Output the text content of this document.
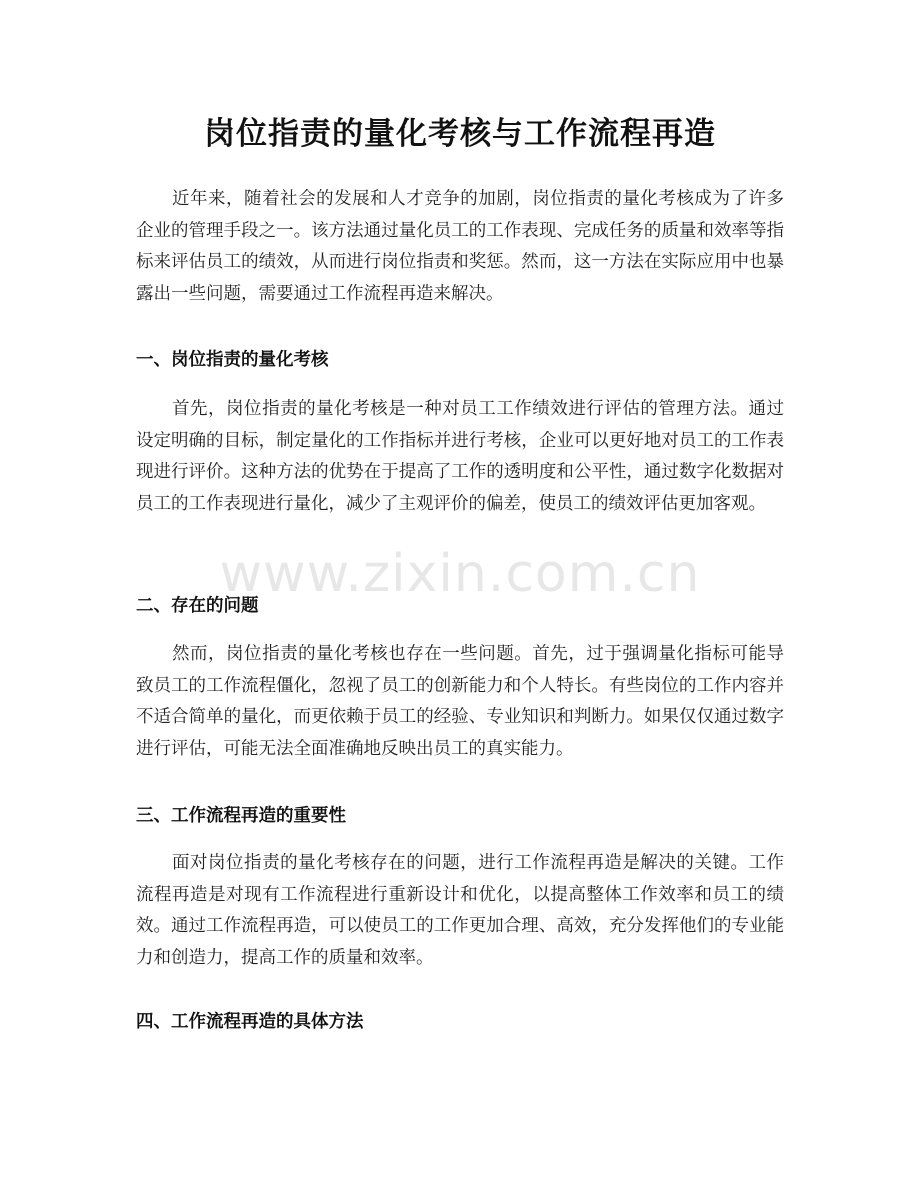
岗位指责的量化考核与工作流程再造

近年来，随着社会的发展和人才竞争的加剧，岗位指责的量化考核成为了许多企业的管理手段之一。该方法通过量化员工的工作表现、完成任务的质量和效率等指标来评估员工的绩效，从而进行岗位指责和奖惩。然而，这一方法在实际应用中也暴露出一些问题，需要通过工作流程再造来解决。

一、岗位指责的量化考核

首先，岗位指责的量化考核是一种对员工工作绩效进行评估的管理方法。通过设定明确的目标，制定量化的工作指标并进行考核，企业可以更好地对员工的工作表现进行评价。这种方法的优势在于提高了工作的透明度和公平性，通过数字化数据对员工的工作表现进行量化，减少了主观评价的偏差，使员工的绩效评估更加客观。

二、存在的问题

然而，岗位指责的量化考核也存在一些问题。首先，过于强调量化指标可能导致员工的工作流程僵化，忽视了员工的创新能力和个人特长。有些岗位的工作内容并不适合简单的量化，而更依赖于员工的经验、专业知识和判断力。如果仅仅通过数字进行评估，可能无法全面准确地反映出员工的真实能力。

三、工作流程再造的重要性

面对岗位指责的量化考核存在的问题，进行工作流程再造是解决的关键。工作流程再造是对现有工作流程进行重新设计和优化，以提高整体工作效率和员工的绩效。通过工作流程再造，可以使员工的工作更加合理、高效，充分发挥他们的专业能力和创造力，提高工作的质量和效率。

四、工作流程再造的具体方法
www.zixin.com.cn
